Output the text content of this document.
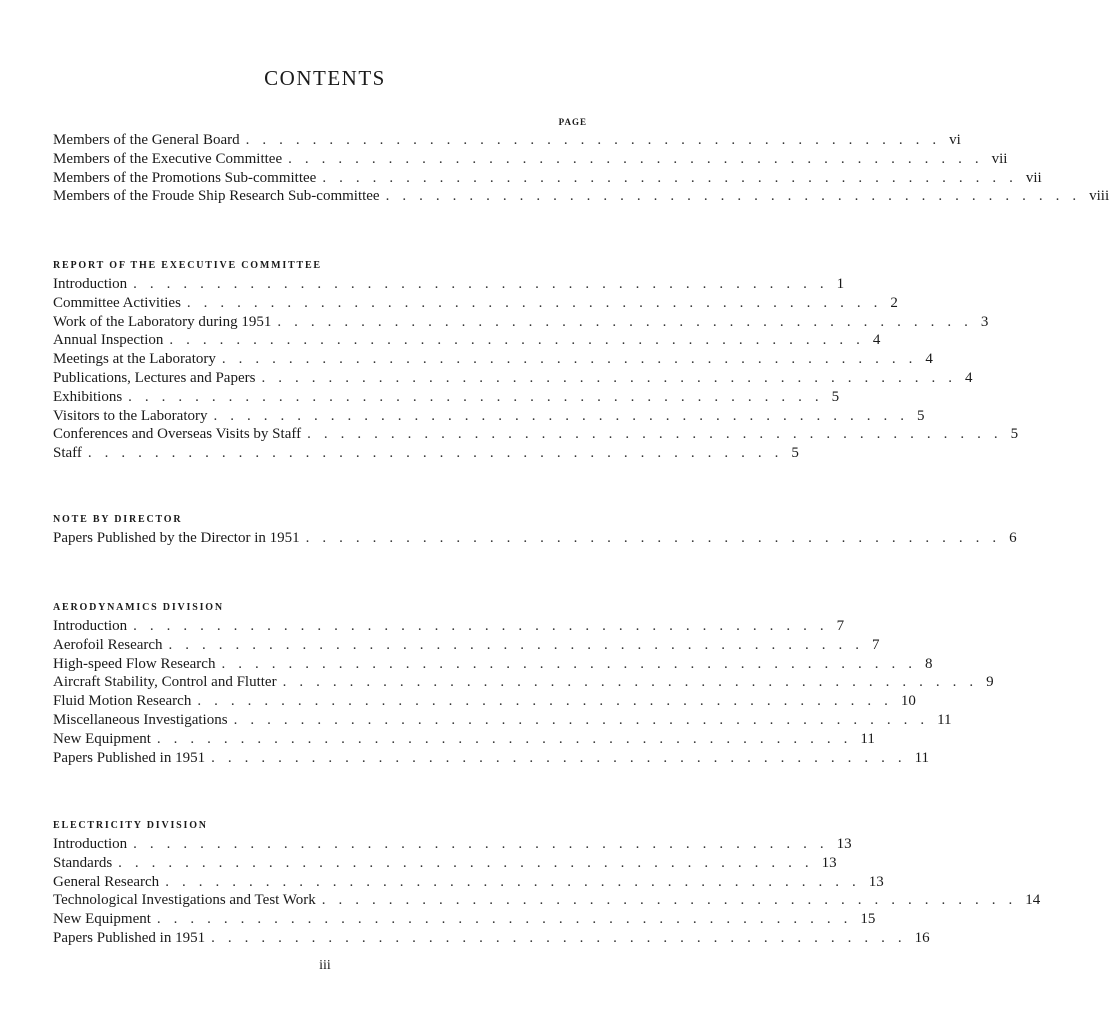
CONTENTS
PAGE
Members of the General Board .......................................... vi
Members of the Executive Committee .......................................... vii
Members of the Promotions Sub-committee .......................................... vii
Members of the Froude Ship Research Sub-committee .......................................... viii
REPORT OF THE EXECUTIVE COMMITTEE
Introduction .......................................... 1
Committee Activities .......................................... 2
Work of the Laboratory during 1951 .......................................... 3
Annual Inspection .......................................... 4
Meetings at the Laboratory .......................................... 4
Publications, Lectures and Papers .......................................... 4
Exhibitions .......................................... 5
Visitors to the Laboratory .......................................... 5
Conferences and Overseas Visits by Staff .......................................... 5
Staff .......................................... 5
NOTE BY DIRECTOR
Papers Published by the Director in 1951 .......................................... 6
AERODYNAMICS DIVISION
Introduction .......................................... 7
Aerofoil Research .......................................... 7
High-speed Flow Research .......................................... 8
Aircraft Stability, Control and Flutter .......................................... 9
Fluid Motion Research .......................................... 10
Miscellaneous Investigations .......................................... 11
New Equipment .......................................... 11
Papers Published in 1951 .......................................... 11
ELECTRICITY DIVISION
Introduction .......................................... 13
Standards .......................................... 13
General Research .......................................... 13
Technological Investigations and Test Work .......................................... 14
New Equipment .......................................... 15
Papers Published in 1951 .......................................... 16
iii
